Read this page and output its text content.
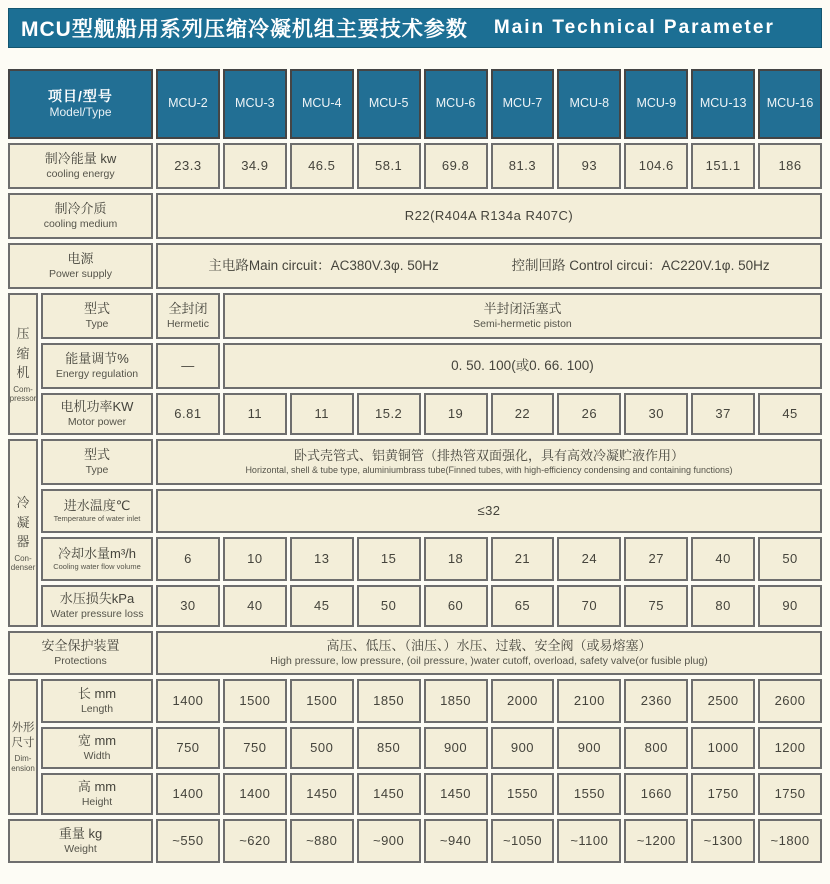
MCU型舰船用系列压缩冷凝机组主要技术参数 Main Technical Parameter
项目/型号
Model/Type
MCU-2 MCU-3 MCU-4 MCU-5 MCU-6 MCU-7 MCU-8 MCU-9 MCU-13 MCU-16
制冷能量 kw
cooling energy
23.3	34.9	46.5	58.1	69.8	81.3	93	104.6 151.1	186
制冷介质
cooling medium
R22(R404A R134a R407C)
电源
Power supply
主电路Main circuit：AC380V.3φ. 50Hz	控制回路 Control circui：AC220V.1φ. 50Hz
压缩机
Com-pressor
型式
Type
全封闭
Hermetic
半封闭活塞式
Semi-hermetic piston
能量调节%
Energy regulation
—	0. 50. 100(或0. 66. 100)
电机功率KW
Motor power
6.81	11	11	15.2	19	22	26	30	37	45
冷凝器
Con-denser
型式
Type
卧式壳管式、铝黄铜管（排热管双面强化，具有高效冷凝贮液作用）
Horizontal, shell & tube type, aluminiumbrass tube(Finned tubes, with high-efficiency condensing and containing functions)
进水温度℃
Temperature of water inlet
≤32
冷却水量m³/h
Cooling water flow volume
6	10	13	15	18	21	24	27	40	50
水压损失kPa
Water pressure loss
30	40	45	50	60	65	70	75	80	90
安全保护装置
Protections
高压、低压、（油压、）水压、过载、安全阀（或易熔塞）
High pressure, low pressure, (oil pressure, )water cutoff, overload, safety valve(or fusible plug)
外形尺寸
Dim-ension
长 mm
Length
1400	1500	1500	1850	1850	2000	2100	2360	2500	2600
宽 mm
Width
750	750	500	850	900	900	900	800	1000	1200
高 mm
Height
1400	1400	1450	1450	1450	1550	1550	1660	1750	1750
重量 kg
Weight
~550	~620	~880	~900	~940 ~1050 ~1100 ~1200 ~1300 ~1800
